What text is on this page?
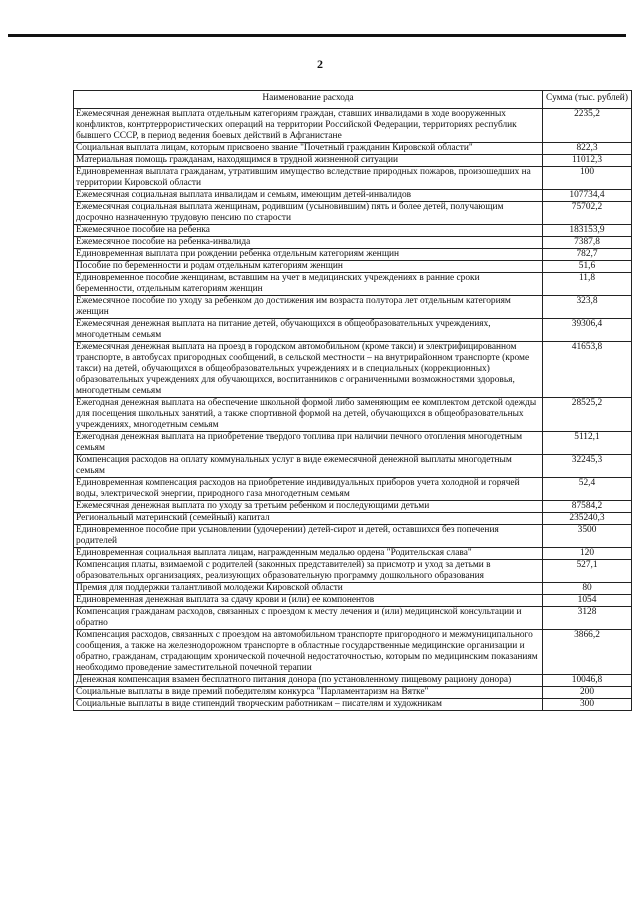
2
Наименование расхода	Сумма (тыс. рублей)
Ежемесячная денежная выплата отдельным категориям граждан, ставших инвалидами в ходе вооруженных конфликтов, контртеррористических операций на территории Российской Федерации, территориях республик бывшего СССР, в период ведения боевых действий в Афганистане	2235,2
Социальная выплата лицам, которым присвоено звание "Почетный гражданин Кировской области"	822,3
Материальная помощь гражданам, находящимся в трудной жизненной ситуации	11012,3
Единовременная выплата гражданам, утратившим имущество вследствие природных пожаров, произошедших на территории Кировской области	100
Ежемесячная социальная выплата инвалидам и семьям, имеющим детей-инвалидов	107734,4
Ежемесячная социальная выплата женщинам, родившим (усыновившим) пять и более детей, получающим досрочно назначенную трудовую пенсию по старости	75702,2
Ежемесячное пособие на ребенка	183153,9
Ежемесячное пособие на ребенка-инвалида	7387,8
Единовременная выплата при рождении ребенка отдельным категориям женщин	782,7
Пособие по беременности и родам отдельным категориям женщин	51,6
Единовременное пособие женщинам, вставшим на учет в медицинских учреждениях в ранние сроки беременности, отдельным категориям женщин	11,8
Ежемесячное пособие по уходу за ребенком до достижения им возраста полутора лет отдельным категориям женщин	323,8
Ежемесячная денежная выплата на питание детей, обучающихся в общеобразовательных учреждениях, многодетным семьям	39306,4
Ежемесячная денежная выплата на проезд в городском автомобильном (кроме такси) и электрифицированном транспорте, в автобусах пригородных сообщений, в сельской местности – на внутрирайонном транспорте (кроме такси) на детей, обучающихся в общеобразовательных учреждениях и в специальных (коррекционных) образовательных учреждениях для обучающихся, воспитанников с ограниченными возможностями здоровья, многодетным семьям	41653,8
Ежегодная денежная выплата на обеспечение школьной формой либо заменяющим ее комплектом детской одежды для посещения школьных занятий, а также спортивной формой на детей, обучающихся в общеобразовательных учреждениях, многодетным семьям	28525,2
Ежегодная денежная выплата на приобретение твердого топлива при наличии печного отопления многодетным семьям	5112,1
Компенсация расходов на оплату коммунальных услуг в виде ежемесячной денежной выплаты многодетным семьям	32245,3
Единовременная компенсация расходов на приобретение индивидуальных приборов учета холодной и горячей воды, электрической энергии, природного газа многодетным семьям	52,4
Ежемесячная денежная выплата по уходу за третьим ребенком и последующими детьми	87584,2
Региональный материнский (семейный) капитал	235240,3
Единовременное пособие при усыновлении (удочерении) детей-сирот и детей, оставшихся без попечения родителей	3500
Единовременная социальная выплата лицам, награжденным медалью ордена "Родительская слава"	120
Компенсация платы, взимаемой с родителей (законных представителей) за присмотр и уход за детьми в образовательных организациях, реализующих образовательную программу дошкольного образования	527,1
Премия для поддержки талантливой молодежи Кировской области	80
Единовременная денежная выплата за сдачу крови и (или) ее компонентов	1054
Компенсация гражданам расходов, связанных с проездом к месту лечения и (или) медицинской консультации и обратно	3128
Компенсация расходов, связанных с проездом на автомобильном транспорте пригородного и межмуниципального сообщения, а также на железнодорожном транспорте в областные государственные медицинские организации и обратно, гражданам, страдающим хронической почечной недостаточностью, которым по медицинским показаниям необходимо проведение заместительной почечной терапии	3866,2
Денежная компенсация взамен бесплатного питания донора (по установленному пищевому рациону донора)	10046,8
Социальные выплаты в виде премий победителям конкурса "Парламентаризм на Вятке"	200
Социальные выплаты в виде стипендий творческим работникам – писателям и художникам	300
